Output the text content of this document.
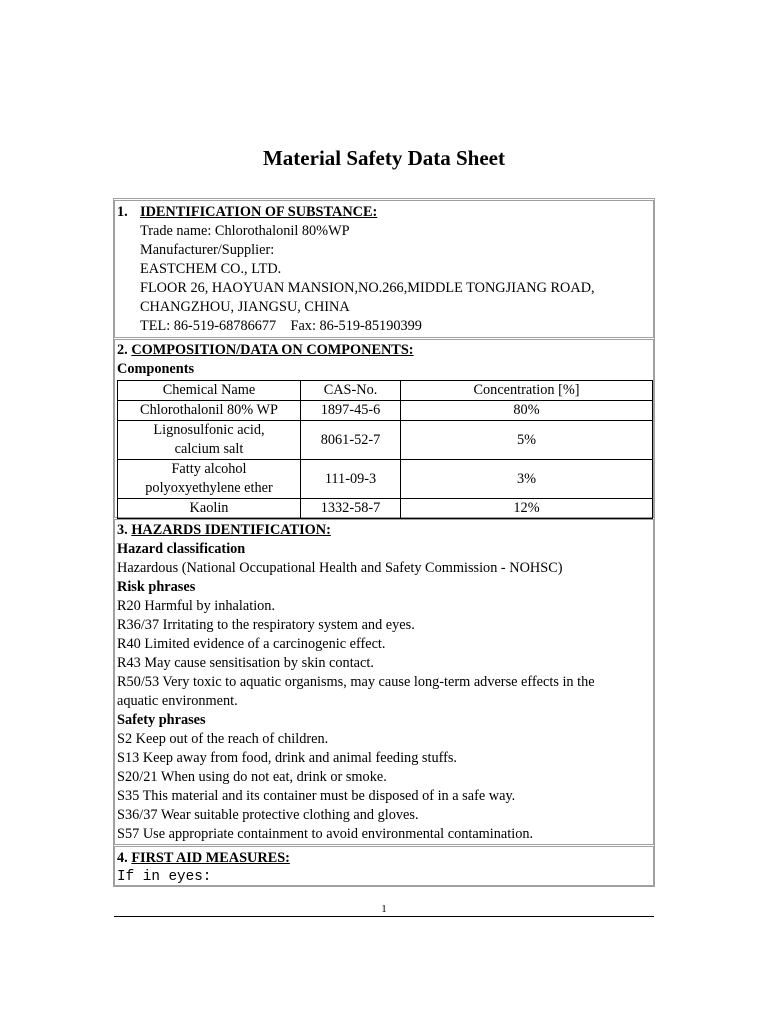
Material Safety Data Sheet
1. IDENTIFICATION OF SUBSTANCE:
Trade name: Chlorothalonil 80%WP
Manufacturer/Supplier:
EASTCHEM CO., LTD.
FLOOR 26, HAOYUAN MANSION,NO.266,MIDDLE TONGJIANG ROAD,
CHANGZHOU, JIANGSU, CHINA
TEL: 86-519-68786677    Fax: 86-519-85190399
2. COMPOSITION/DATA ON COMPONENTS:
Components
Chemical Name	CAS-No.	Concentration [%]
Chlorothalonil 80% WP	1897-45-6	80%

Lignosulfonic acid,
calcium salt	8061-52-7	5%

Fatty alcohol
polyoxyethylene ether	111-09-3	3%
Kaolin	1332-58-7	12%
3. HAZARDS IDENTIFICATION:
Hazard classification
Hazardous (National Occupational Health and Safety Commission - NOHSC)
Risk phrases
R20 Harmful by inhalation.
R36/37 Irritating to the respiratory system and eyes.
R40 Limited evidence of a carcinogenic effect.
R43 May cause sensitisation by skin contact.
R50/53 Very toxic to aquatic organisms, may cause long-term adverse effects in the aquatic environment.
Safety phrases
S2 Keep out of the reach of children.
S13 Keep away from food, drink and animal feeding stuffs.
S20/21 When using do not eat, drink or smoke.
S35 This material and its container must be disposed of in a safe way.
S36/37 Wear suitable protective clothing and gloves.
S57 Use appropriate containment to avoid environmental contamination.
4. FIRST AID MEASURES:
If in eyes:
1
